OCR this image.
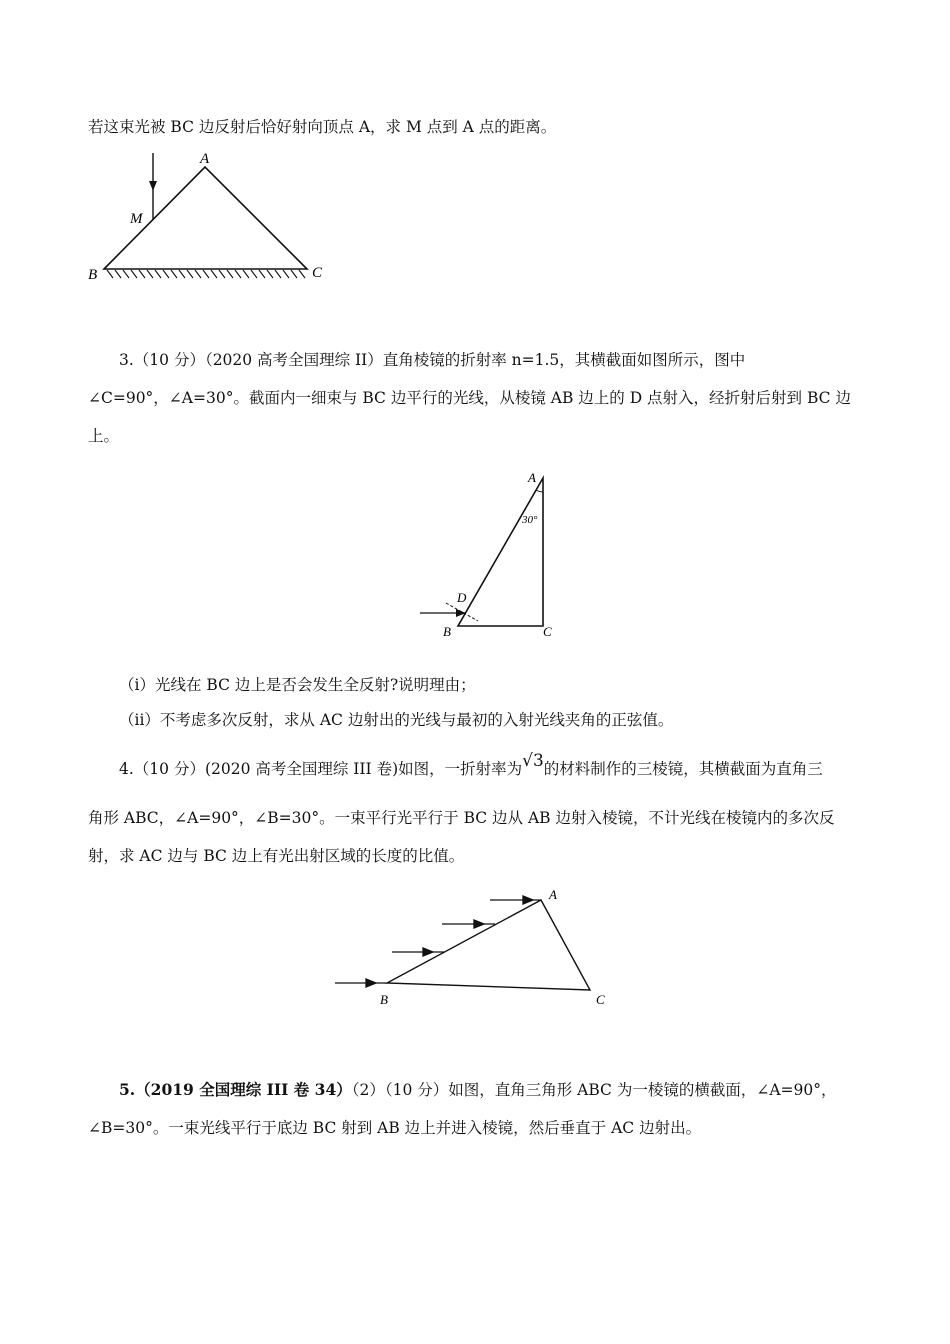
若这束光被 BC 边反射后恰好射向顶点 A，求 M 点到 A 点的距离。
A
M
B	C
3.（10 分）（2020 高考全国理综 II）直角棱镜的折射率 n=1.5，其横截面如图所示，图中
∠C=90°，∠A=30°。截面内一细束与 BC 边平行的光线，从棱镜 AB 边上的 D 点射入，经折射后射到 BC 边
上。
A
30°
D
B	C
（i）光线在 BC 边上是否会发生全反射?说明理由；
（ii）不考虑多次反射，求从 AC 边射出的光线与最初的入射光线夹角的正弦值。
4.（10 分）(2020 高考全国理综 III 卷)如图，一折射率为√3的材料制作的三棱镜，其横截面为直角三
角形 ABC，∠A=90°，∠B=30°。一束平行光平行于 BC 边从 AB 边射入棱镜，不计光线在棱镜内的多次反
射，求 AC 边与 BC 边上有光出射区域的长度的比值。
A
B	C
5.（2019 全国理综 III 卷 34）（2）（10 分）如图，直角三角形 ABC 为一棱镜的横截面，∠A=90°，
∠B=30°。一束光线平行于底边 BC 射到 AB 边上并进入棱镜，然后垂直于 AC 边射出。
